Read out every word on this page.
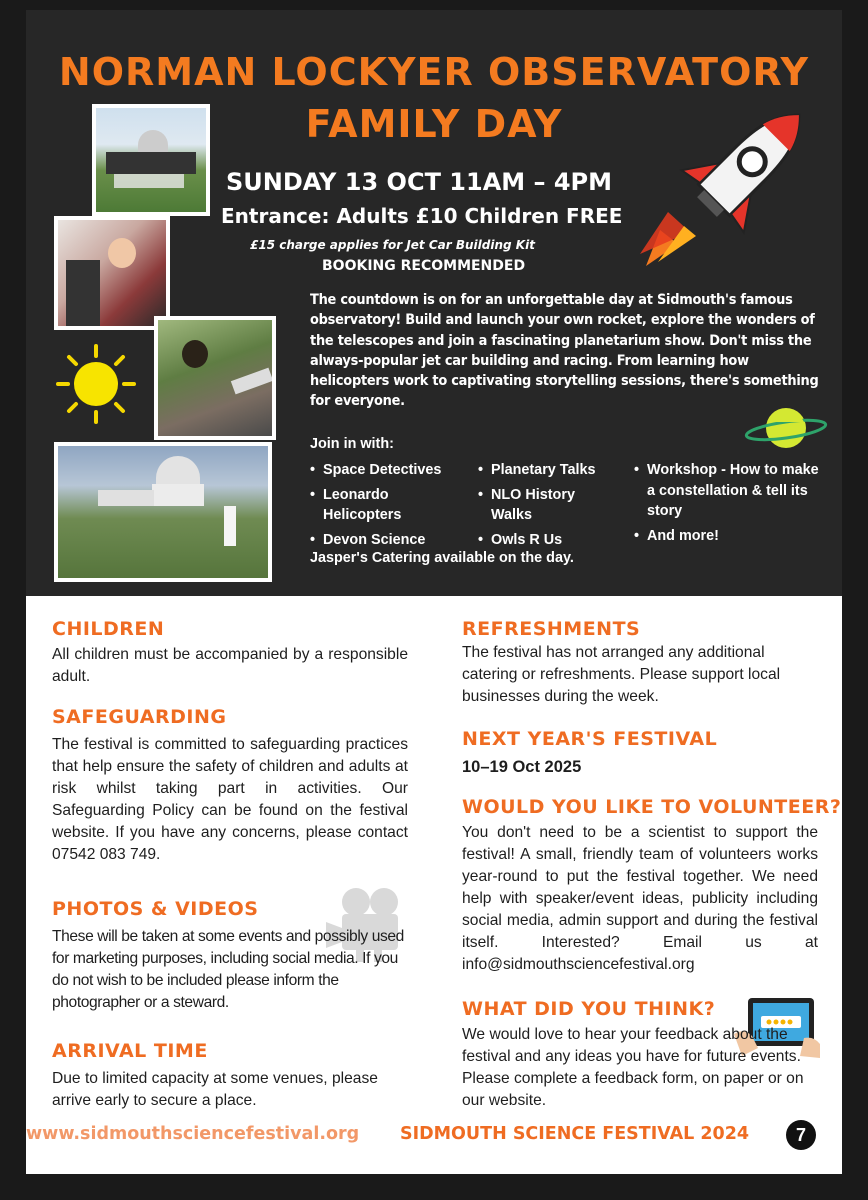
NORMAN LOCKYER OBSERVATORY
FAMILY DAY
SUNDAY 13 OCT 11AM – 4PM
Entrance: Adults £10 Children FREE
£15 charge applies for Jet Car Building Kit
BOOKING RECOMMENDED
The countdown is on for an unforgettable day at Sidmouth's famous observatory! Build and launch your own rocket, explore the wonders of the telescopes and join a fascinating planetarium show. Don't miss the always-popular jet car building and racing. From learning how helicopters work to captivating storytelling sessions, there's something for everyone.
Join in with:
• Space Detectives
• Leonardo Helicopters
• Devon Science
• Planetary Talks
• NLO History Walks
• Owls R Us
• Workshop - How to make a constellation & tell its story
• And more!
Jasper's Catering available on the day.
CHILDREN
All children must be accompanied by a responsible adult.
SAFEGUARDING
The festival is committed to safeguarding practices that help ensure the safety of children and adults at risk whilst taking part in activities. Our Safeguarding Policy can be found on the festival website. If you have any concerns, please contact 07542 083 749.
PHOTOS & VIDEOS
These will be taken at some events and possibly used for marketing purposes, including social media. If you do not wish to be included please inform the photographer or a steward.
ARRIVAL TIME
Due to limited capacity at some venues, please arrive early to secure a place.
REFRESHMENTS
The festival has not arranged any additional catering or refreshments. Please support local businesses during the week.
NEXT YEAR'S FESTIVAL
10–19 Oct 2025
WOULD YOU LIKE TO VOLUNTEER?
You don't need to be a scientist to support the festival! A small, friendly team of volunteers works year-round to put the festival together. We need help with speaker/event ideas, publicity including social media, admin support and during the festival itself. Interested? Email us at info@sidmouthsciencefestival.org
WHAT DID YOU THINK?
We would love to hear your feedback about the festival and any ideas you have for future events. Please complete a feedback form, on paper or on our website.
www.sidmouthsciencefestival.org SIDMOUTH SCIENCE FESTIVAL 2024	7
